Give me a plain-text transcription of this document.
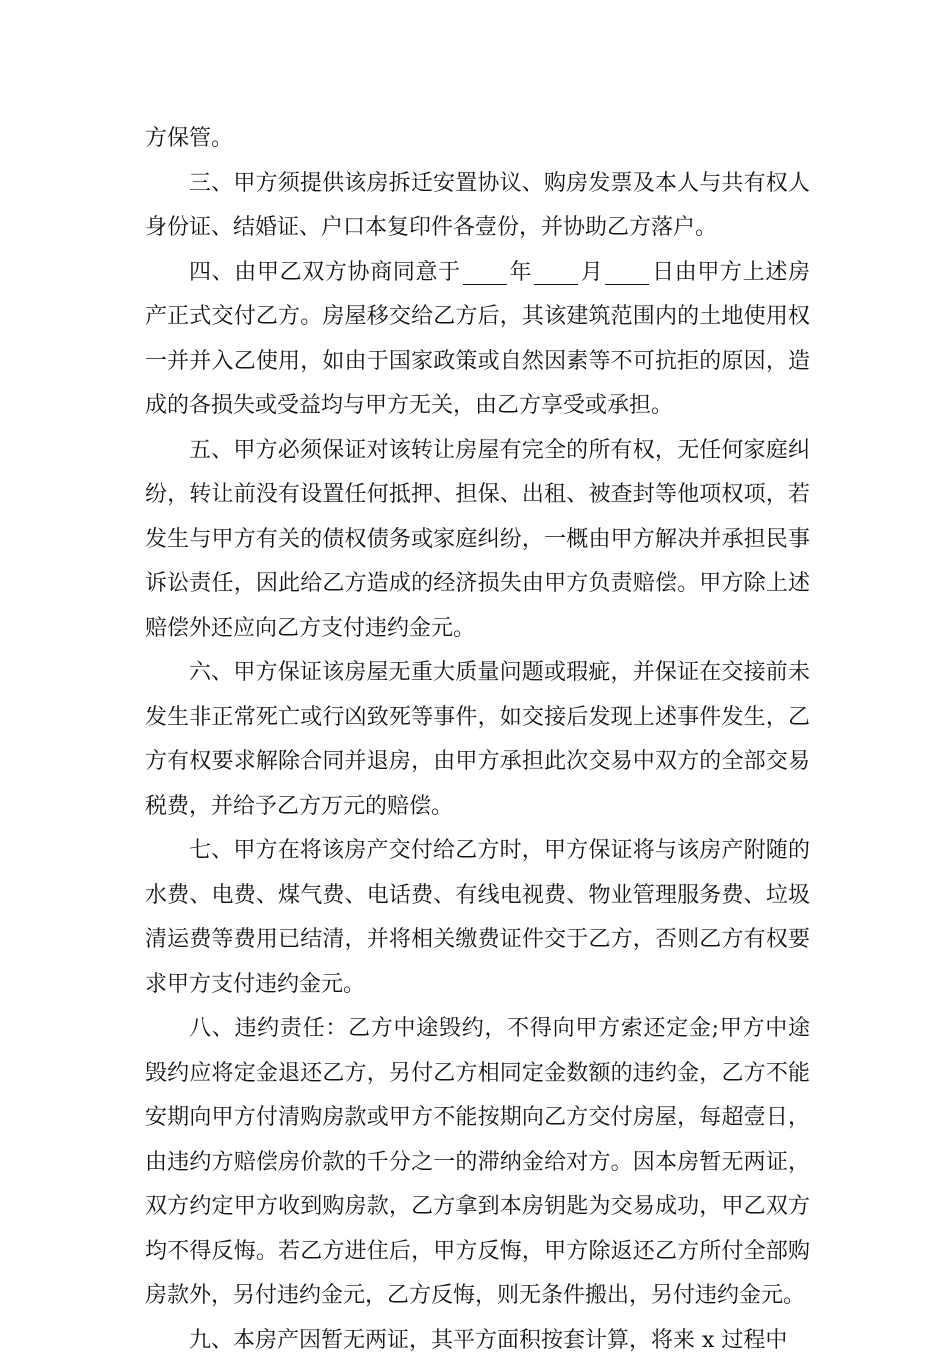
方保管。

三、甲方须提供该房拆迁安置协议、购房发票及本人与共有权人身份证、结婚证、户口本复印件各壹份，并协助乙方落户。

四、由甲乙双方协商同意于 年 月 日由甲方上述房产正式交付乙方。房屋移交给乙方后，其该建筑范围内的土地使用权一并并入乙使用，如由于国家政策或自然因素等不可抗拒的原因，造成的各损失或受益均与甲方无关，由乙方享受或承担。

五、甲方必须保证对该转让房屋有完全的所有权，无任何家庭纠纷，转让前没有设置任何抵押、担保、出租、被查封等他项权项，若发生与甲方有关的债权债务或家庭纠纷，一概由甲方解决并承担民事诉讼责任，因此给乙方造成的经济损失由甲方负责赔偿。甲方除上述赔偿外还应向乙方支付违约金元。

六、甲方保证该房屋无重大质量问题或瑕疵，并保证在交接前未发生非正常死亡或行凶致死等事件，如交接后发现上述事件发生，乙方有权要求解除合同并退房，由甲方承担此次交易中双方的全部交易税费，并给予乙方万元的赔偿。

七、甲方在将该房产交付给乙方时，甲方保证将与该房产附随的水费、电费、煤气费、电话费、有线电视费、物业管理服务费、垃圾清运费等费用已结清，并将相关缴费证件交于乙方，否则乙方有权要求甲方支付违约金元。

八、违约责任：乙方中途毁约，不得向甲方索还定金;甲方中途毁约应将定金退还乙方，另付乙方相同定金数额的违约金，乙方不能安期向甲方付清购房款或甲方不能按期向乙方交付房屋，每超壹日，由违约方赔偿房价款的千分之一的滞纳金给对方。因本房暂无两证，双方约定甲方收到购房款，乙方拿到本房钥匙为交易成功，甲乙双方均不得反悔。若乙方进住后，甲方反悔，甲方除返还乙方所付全部购房款外，另付违约金元，乙方反悔，则无条件搬出，另付违约金元。

九、本房产因暂无两证，其平方面积按套计算，将来 x 过程中
